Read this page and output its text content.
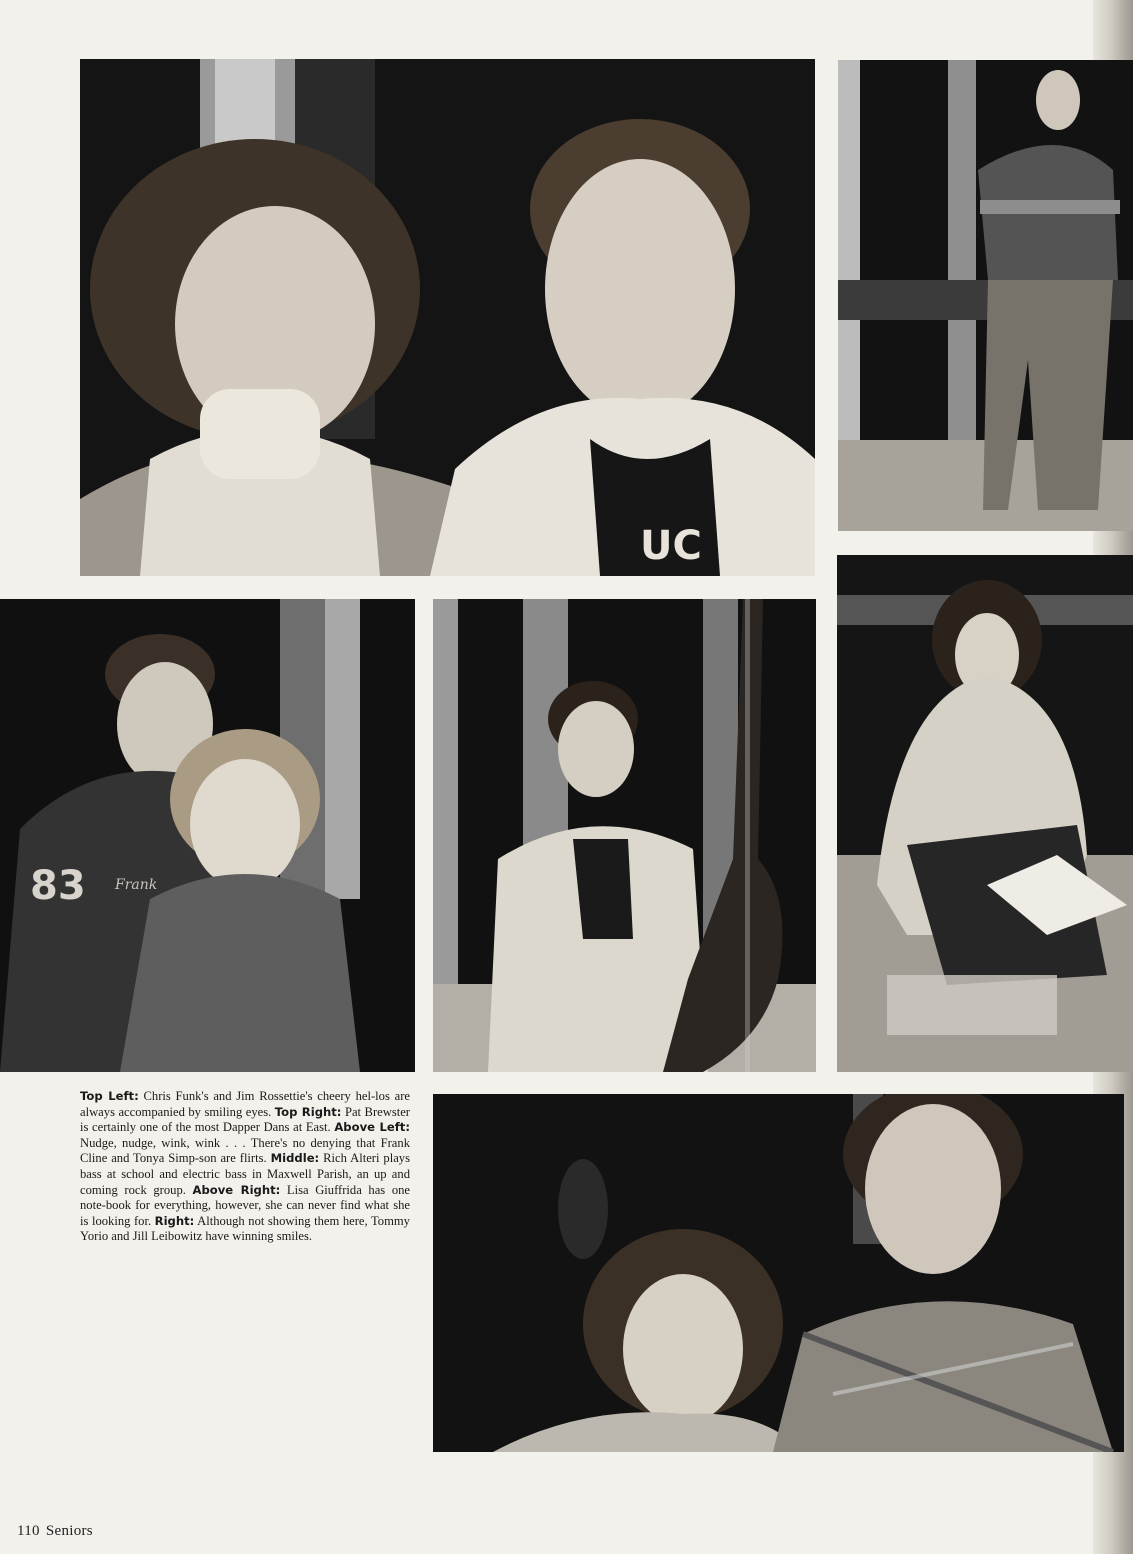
UC SS
83 Frank
Top Left: Chris Funk's and Jim Rossettie's cheery hel-los are always accompanied by smiling eyes. Top Right: Pat Brewster is certainly one of the most Dapper Dans at East. Above Left: Nudge, nudge, wink, wink . . . There's no denying that Frank Cline and Tonya Simp-son are flirts. Middle: Rich Alteri plays bass at school and electric bass in Maxwell Parish, an up and coming rock group. Above Right: Lisa Giuffrida has one note-book for everything, however, she can never find what she is looking for. Right: Although not showing them here, Tommy Yorio and Jill Leibowitz have winning smiles.
110 Seniors
